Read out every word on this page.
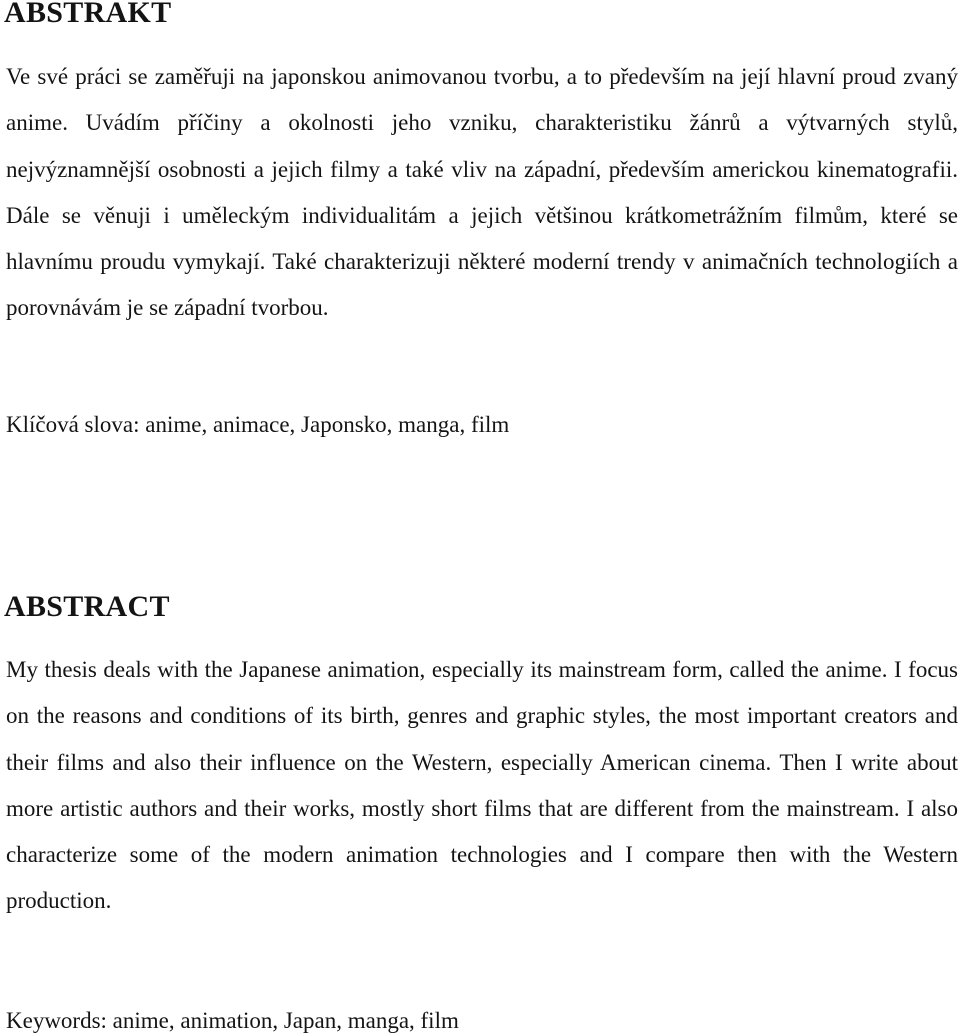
ABSTRAKT

Ve své práci se zaměřuji na japonskou animovanou tvorbu, a to především na její hlavní proud zvaný anime. Uvádím příčiny a okolnosti jeho vzniku, charakteristiku žánrů a výtvarných stylů, nejvýznamnější osobnosti a jejich filmy a také vliv na západní, především americkou kinematografii. Dále se věnuji i uměleckým individualitám a jejich většinou krátkometrážním filmům, které se hlavnímu proudu vymykají. Také charakterizuji některé moderní trendy v animačních technologiích a porovnávám je se západní tvorbou.

Klíčová slova: anime, animace, Japonsko, manga, film

ABSTRACT

My thesis deals with the Japanese animation, especially its mainstream form, called the anime. I focus on the reasons and conditions of its birth, genres and graphic styles, the most important creators and their films and also their influence on the Western, especially American cinema. Then I write about more artistic authors and their works, mostly short films that are different from the mainstream. I also characterize some of the modern animation technologies and I compare then with the Western production.

Keywords: anime, animation, Japan, manga, film
